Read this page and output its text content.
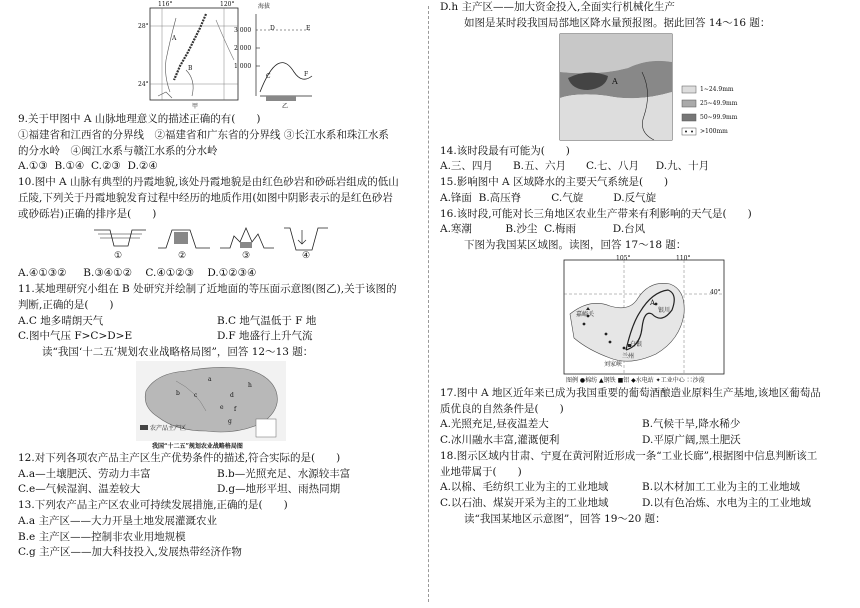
116°	120°
28°
24°
A
B
海拔
3 000
2 000
1 000
D	E
C	F
甲	乙
9.关于甲图中 A 山脉地理意义的描述正确的有(　　)
①福建省和江西省的分界线　②福建省和广东省的分界线 ③长江水系和珠江水系
的分水岭　④闽江水系与赣江水系的分水岭
A.①③ B.①④ C.②③ D.②④
10.图中 A 山脉有典型的丹霞地貌,该处丹霞地貌是由红色砂岩和砂砾岩组成的低山
丘陵,下列关于丹霞地貌发育过程中经历的地质作用(如图中阴影表示的是红色砂岩
或砂砾岩)正确的排序是(　　)
①	②	③	④
A.④①③② B.③④①② C.④①②③ D.①②③④
11.某地理研究小组在 B 处研究并绘制了近地面的等压面示意图(图乙),关于该图的
判断,正确的是(　　)
A.C 地多晴朗天气	B.C 地气温低于 F 地
C.图中气压 F>C>D>E	D.F 地盛行上升气流
读“我国‘十二五’规划农业战略格局图”，回答 12～13 题：
a
b c	d
e f
g
h
农产品主产区
我国“十二五”规划农业战略格局图
12.对下列各项农产品主产区生产优势条件的描述,符合实际的是(　　)
A.a—土壤肥沃、劳动力丰富	B.b—光照充足、水源较丰富
C.e—气候湿润、温差较大	D.g—地形平坦、雨热同期
13.下列农产品主产区农业可持续发展措施,正确的是(　　)
A.a 主产区——大力开垦土地发展灌溉农业
B.e 主产区——控制非农业用地规模
C.g 主产区——加大科技投入,发展热带经济作物
D.h 主产区——加大资金投入,全面实行机械化生产
如图是某时段我国局部地区降水量预报图。据此回答 14～16 题：
A
1~24.9mm
25~49.9mm
50~99.9mm
>100mm
14.该时段最有可能为(　　)
A.三、四月 B.五、六月 C.七、八月 D.九、十月
15.影响图中 A 区域降水的主要天气系统是(　　)
A.锋面 B.高压脊	C.气旋	D.反气旋
16.该时段,可能对长三角地区农业生产带来有利影响的天气是(　　)
A.寒潮	B.沙尘 C.梅雨	D.台风
下图为我国某区域图。读图，回答 17～18 题：
105°	110°
40°
A
银川
兰州
嘉峪关
白银
刘家峡
图例 ●棉纺 ▲钢铁 ■铝 ◆水电站 ✦工业中心 ∷沙漠
17.图中 A 地区近年来已成为我国重要的葡萄酒酿造业原料生产基地,该地区葡萄品
质优良的自然条件是(　　)
A.光照充足,昼夜温差大	B.气候干旱,降水稀少
C.冰川融水丰富,灌溉便利	D.平原广阔,黑土肥沃
18.图示区域内甘肃、宁夏在黄河附近形成一条“工业长廊”,根据图中信息判断该工
业地带属于(　　)
A.以棉、毛纺织工业为主的工业地域	B.以木材加工工业为主的工业地域
C.以石油、煤炭开采为主的工业地域	D.以有色冶炼、水电为主的工业地域
读“我国某地区示意图”，回答 19～20 题：
